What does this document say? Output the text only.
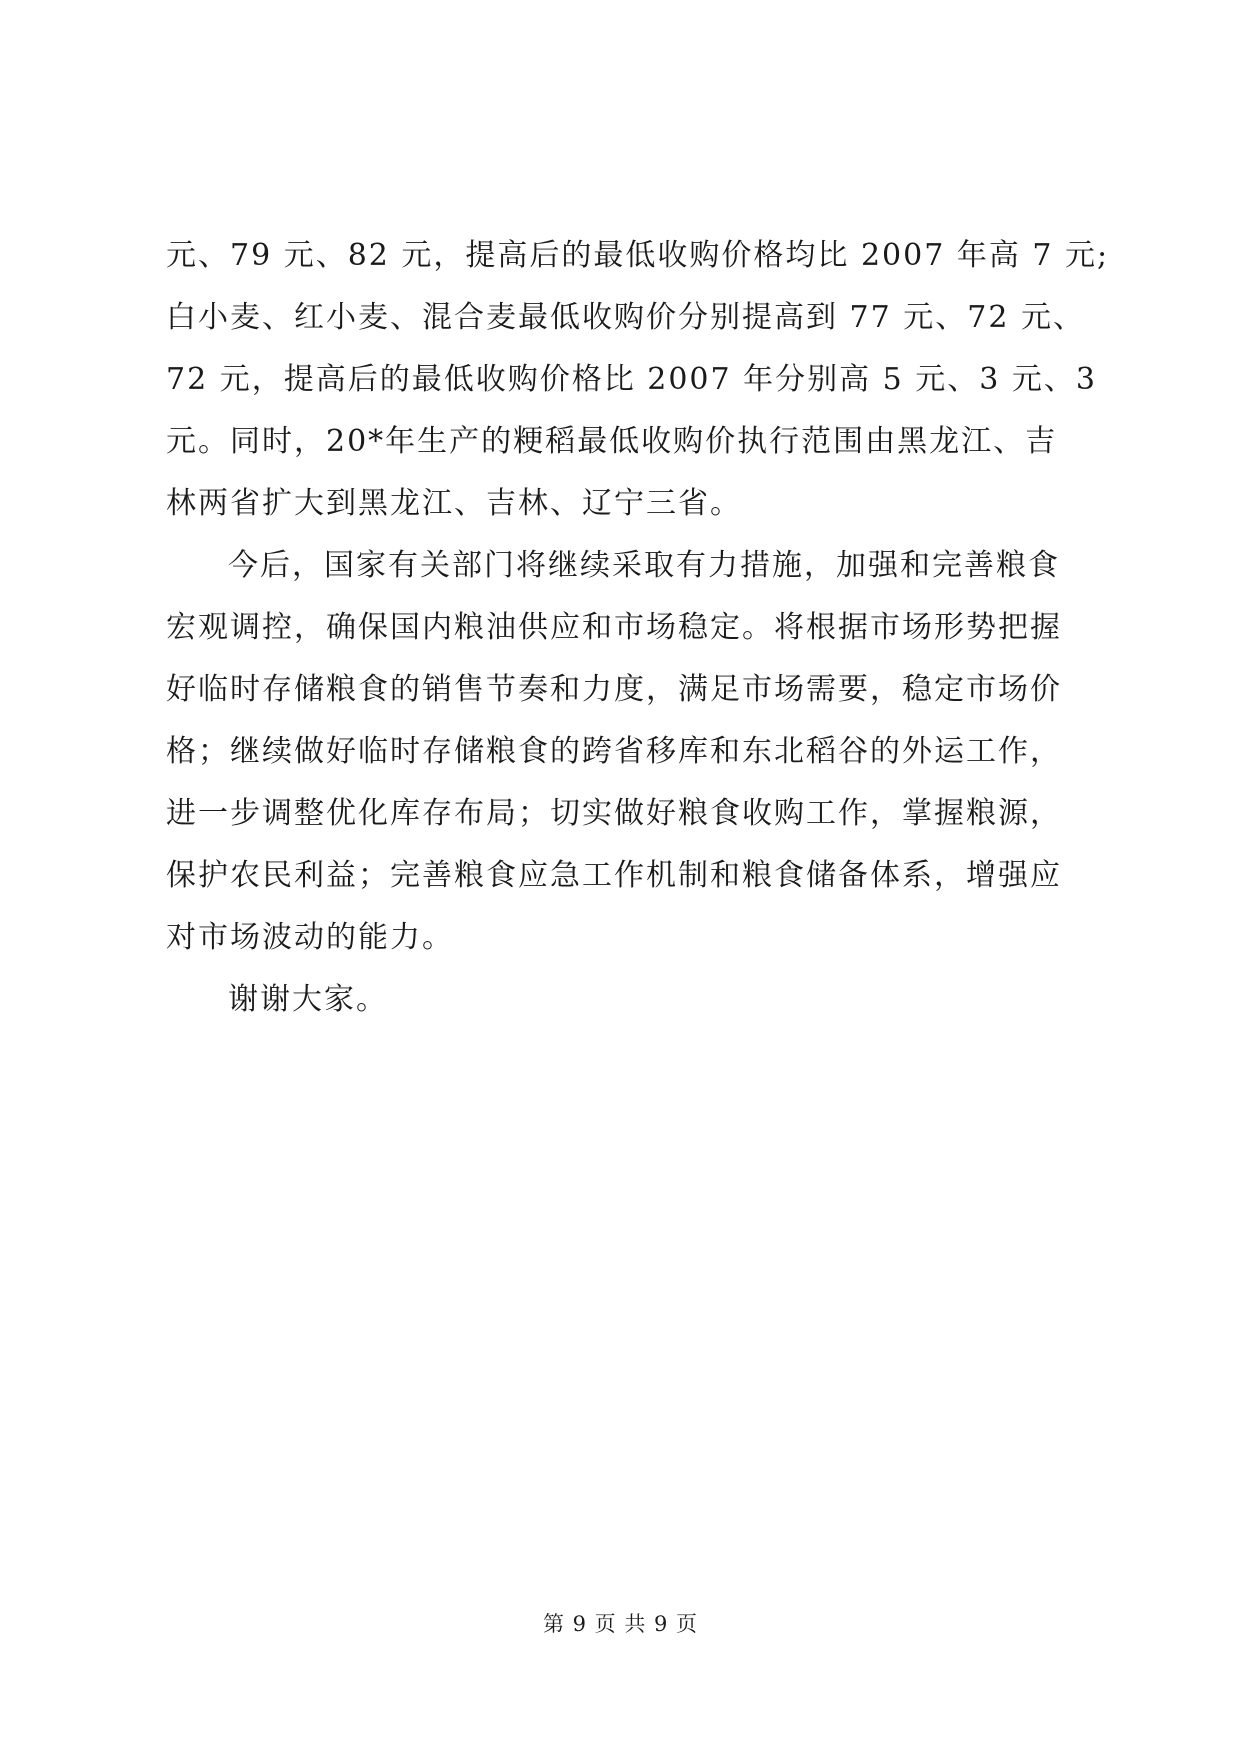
元、79 元、82 元，提高后的最低收购价格均比 2007 年高 7 元;
白小麦、红小麦、混合麦最低收购价分别提高到 77 元、72 元、
72 元，提高后的最低收购价格比 2007 年分别高 5 元、3 元、3
元。同时，20*年生产的粳稻最低收购价执行范围由黑龙江、吉
林两省扩大到黑龙江、吉林、辽宁三省。
今后，国家有关部门将继续采取有力措施，加强和完善粮食
宏观调控，确保国内粮油供应和市场稳定。将根据市场形势把握
好临时存储粮食的销售节奏和力度，满足市场需要，稳定市场价
格；继续做好临时存储粮食的跨省移库和东北稻谷的外运工作，
进一步调整优化库存布局；切实做好粮食收购工作，掌握粮源，
保护农民利益；完善粮食应急工作机制和粮食储备体系，增强应
对市场波动的能力。
谢谢大家。
第 9 页 共 9 页
